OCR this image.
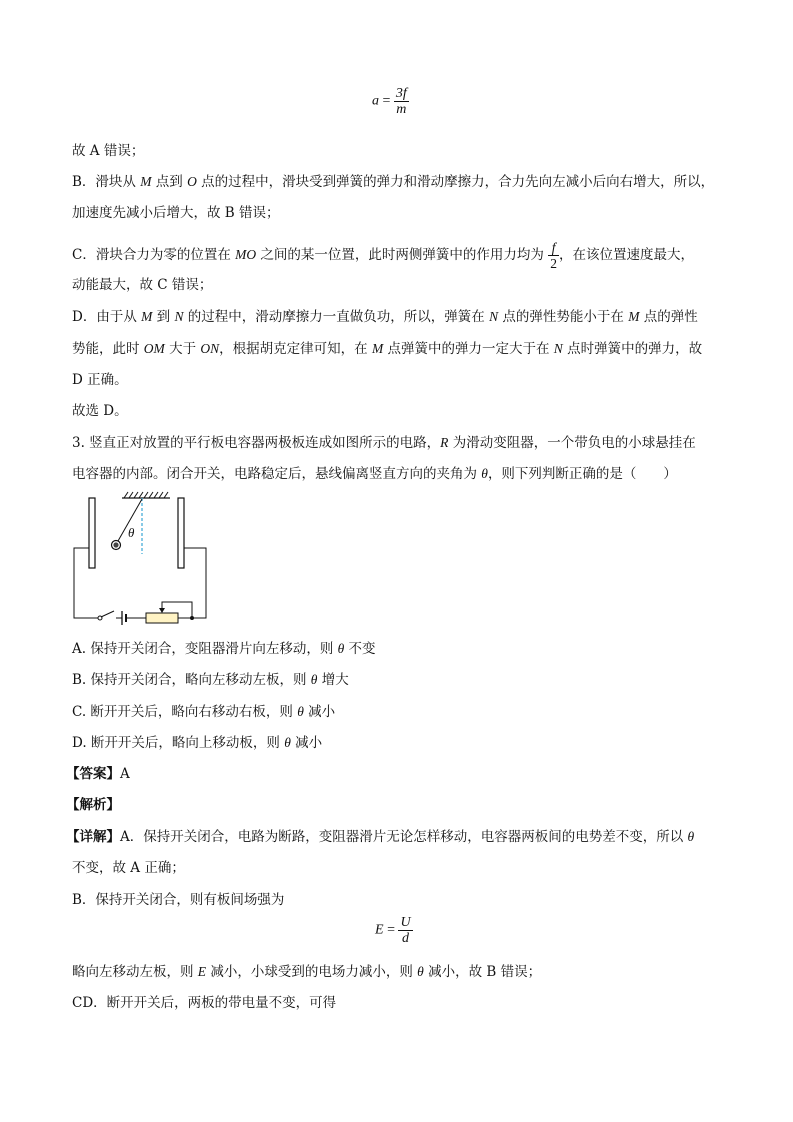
$a = \frac{3f}{m}$
故 A 错误；
B．滑块从 M 点到 O 点的过程中，滑块受到弹簧的弹力和滑动摩擦力，合力先向左减小后向右增大，所以，
加速度先减小后增大，故 B 错误；
C．滑块合力为零的位置在 MO 之间的某一位置，此时两侧弹簧中的作用力均为 $\frac{f}{2}$ ，在该位置速度最大，
动能最大，故 C 错误；
D．由于从 M 到 N 的过程中，滑动摩擦力一直做负功，所以，弹簧在 N 点的弹性势能小于在 M 点的弹性
势能，此时 OM 大于 ON，根据胡克定律可知，在 M 点弹簧中的弹力一定大于在 N 点时弹簧中的弹力，故
D 正确。
故选 D。
3. 竖直正对放置的平行板电容器两极板连成如图所示的电路，R 为滑动变阻器，一个带负电的小球悬挂在
电容器的内部。闭合开关，电路稳定后，悬线偏离竖直方向的夹角为 θ，则下列判断正确的是（　　）
θ
A. 保持开关闭合，变阻器滑片向左移动，则 θ 不变
B. 保持开关闭合，略向左移动左板，则 θ 增大
C. 断开开关后，略向右移动右板，则 θ 减小
D. 断开开关后，略向上移动板，则 θ 减小
【答案】A
【解析】
【详解】A．保持开关闭合，电路为断路，变阻器滑片无论怎样移动，电容器两板间的电势差不变，所以 θ
不变，故 A 正确；
B．保持开关闭合，则有板间场强为
$E = \frac{U}{d}$
略向左移动左板，则 E 减小，小球受到的电场力减小，则 θ 减小，故 B 错误；
CD．断开开关后，两板的带电量不变，可得
